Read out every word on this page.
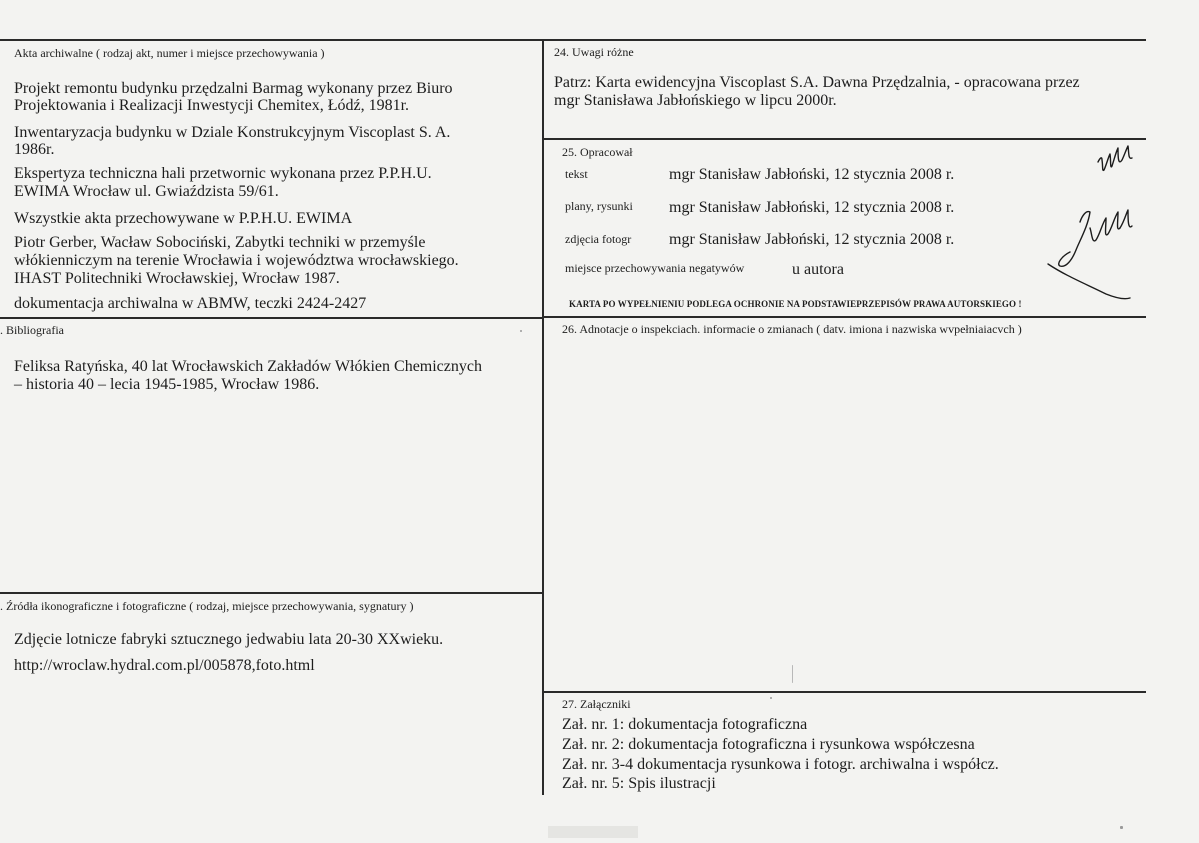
Akta archiwalne ( rodzaj akt, numer i miejsce przechowywania )
Projekt remontu budynku przędzalni Barmag wykonany przez Biuro
Projektowania i Realizacji Inwestycji Chemitex, Łódź, 1981r.
Inwentaryzacja budynku w Dziale Konstrukcyjnym Viscoplast S. A.
1986r.
Ekspertyza techniczna hali przetwornic wykonana przez P.P.H.U.
EWIMA Wrocław ul. Gwiaździsta 59/61.
Wszystkie akta przechowywane w P.P.H.U. EWIMA
Piotr Gerber, Wacław Sobociński, Zabytki techniki w przemyśle
włókienniczym na terenie Wrocławia i województwa wrocławskiego.
IHAST Politechniki Wrocławskiej, Wrocław 1987.
dokumentacja archiwalna w ABMW, teczki 2424-2427
. Bibliografia
Feliksa Ratyńska, 40 lat Wrocławskich Zakładów Włókien Chemicznych
– historia 40 – lecia 1945-1985, Wrocław 1986.
. Źródła ikonograficzne i fotograficzne ( rodzaj, miejsce przechowywania, sygnatury )
Zdjęcie lotnicze fabryki sztucznego jedwabiu lata 20-30 XXwieku.
http://wroclaw.hydral.com.pl/005878,foto.html
24. Uwagi różne
Patrz: Karta ewidencyjna Viscoplast S.A. Dawna Przędzalnia, - opracowana przez
mgr Stanisława Jabłońskiego w lipcu 2000r.
25. Opracował
tekst	mgr Stanisław Jabłoński, 12 stycznia 2008 r.
plany, rysunki mgr Stanisław Jabłoński, 12 stycznia 2008 r.
zdjęcia fotogr mgr Stanisław Jabłoński, 12 stycznia 2008 r.
miejsce przechowywania negatywów	u autora
KARTA PO WYPEŁNIENIU PODLEGA OCHRONIE NA PODSTAWIEPRZEPISÓW PRAWA AUTORSKIEGO !
26. Adnotacje o inspekciach. informacie o zmianach ( datv. imiona i nazwiska wvpełniaiacvch )
27. Załączniki
Zał. nr. 1: dokumentacja fotograficzna
Zał. nr. 2: dokumentacja fotograficzna i rysunkowa współczesna
Zał. nr. 3-4 dokumentacja rysunkowa i fotogr. archiwalna i współcz.
Zał. nr. 5: Spis ilustracji
